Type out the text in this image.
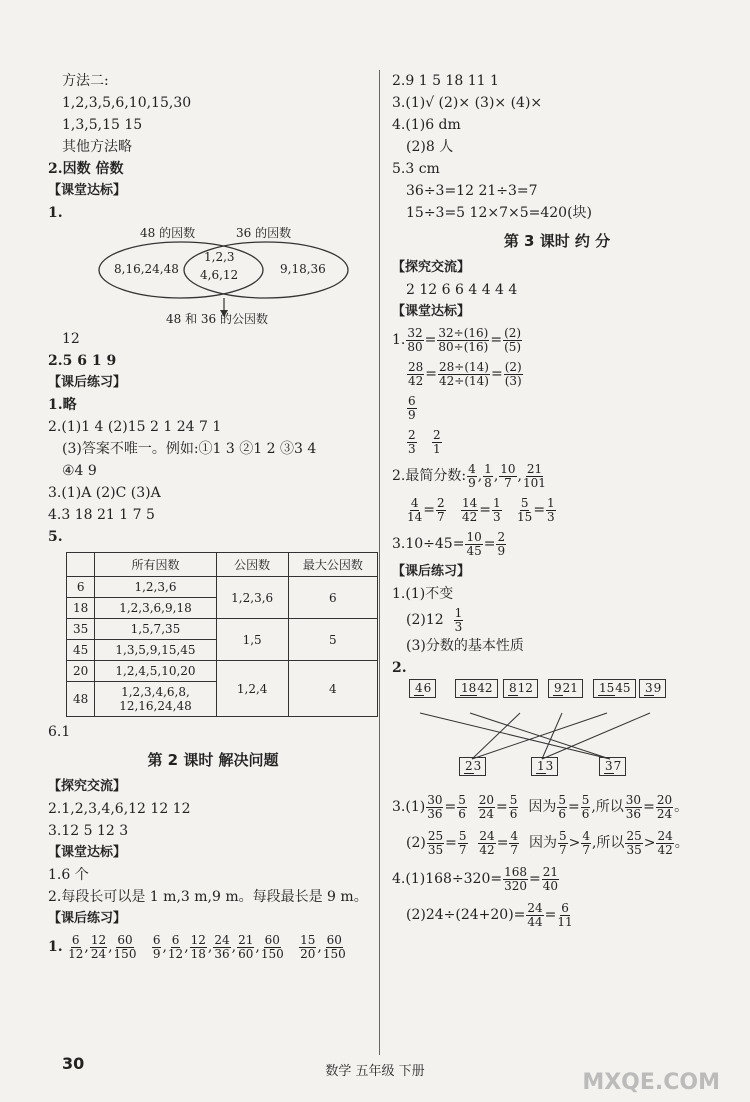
方法二:
1,2,3,5,6,10,15,30
1,3,5,15 15
其他方法略
2.因数 倍数
【课堂达标】
1.
48 的因数	36 的因数
8,16,24,48
1,2,3
4,6,12	9,18,36
48 和 36 的公因数
12
2.5 6 1 9
【课后练习】
1.略
2.(1)1 4 (2)15 2 1 24 7 1
(3)答案不唯一。例如:①1 3 ②1 2 ③3 4
④4 9
3.(1)A (2)C (3)A
4.3 18 21 1 7 5
5.
	所有因数	公因数	最大公因数
6	1,2,3,6	1,2,3,6	6
18	1,2,3,6,9,18		
35	1,5,7,35	1,5	5
45	1,3,5,9,15,45		
20	1,2,4,5,10,20	1,2,4	4
48	1,2,3,4,6,8,
12,16,24,48		
6.1
第 2 课时 解决问题
【探究交流】
2.1,2,3,4,6,12 12 12
3.12 5 12 3
【课堂达标】
1.6 个
2.每段长可以是 1 m,3 m,9 m。每段最长是 9 m。
【课后练习】
1. $\frac{6}{12}$ , $\frac{12}{24}$ , $\frac{60}{150}$
$\frac{6}{9}$ , $\frac{6}{12}$ , $\frac{12}{18}$ , $\frac{24}{36}$ , $\frac{21}{60}$ , $\frac{60}{150}$
$\frac{15}{20}$ , $\frac{60}{150}$
2.9 1 5 18 11 1
3.(1)√ (2)× (3)× (4)×
4.(1)6 dm
(2)8 人
5.3 cm
36÷3=12 21÷3=7
15÷3=5 12×7×5=420(块)
第 3 课时 约 分
【探究交流】
2 12 6 6 4 4 4 4
【课堂达标】
1. $\frac{32}{80} = \frac{32\div(16)}{80\div(16)} = \frac{(2)}{(5)}$
$\frac{28}{42} = \frac{28\div(14)}{42\div(14)} = \frac{(2)}{(3)}$
$\frac{6}{9}$
$\frac{2}{3}$
$\frac{2}{1}$
2.最简分数: $\frac{4}{9}$ , $\frac{1}{8}$ , $\frac{10}{7}$ , $\frac{21}{101}$
$\frac{4}{14} = \frac{2}{7}$
$\frac{14}{42} = \frac{1}{3}$
$\frac{5}{15} = \frac{1}{3}$
$3.10\div 45= \frac{10}{45} = \frac{2}{9}$
【课后练习】
1.(1)不变
$(2)12 \frac{1}{3}$
(3)分数的基本性质
2.
46	1842	812	921	1545	39
23	13	37
$3.(1) \frac{30}{36} = \frac{5}{6}$
$\frac{20}{24} = \frac{5}{6}$ 因为 $\frac{5}{6} = \frac{5}{6}$ ,所以 $\frac{30}{36} = \frac{20}{24}$ 。
$(2) \frac{25}{35} = \frac{5}{7}$
$\frac{24}{42} = \frac{4}{7}$ 因为 $\frac{5}{7} > \frac{4}{7}$ ,所以 $\frac{25}{35} > \frac{24}{42}$ 。
$4.(1)168\div 320= \frac{168}{320} = \frac{21}{40}$
$(2)24\div(24+20)= \frac{24}{44} = \frac{6}{11}$
30	数学 五年级 下册	MXQE.COM
